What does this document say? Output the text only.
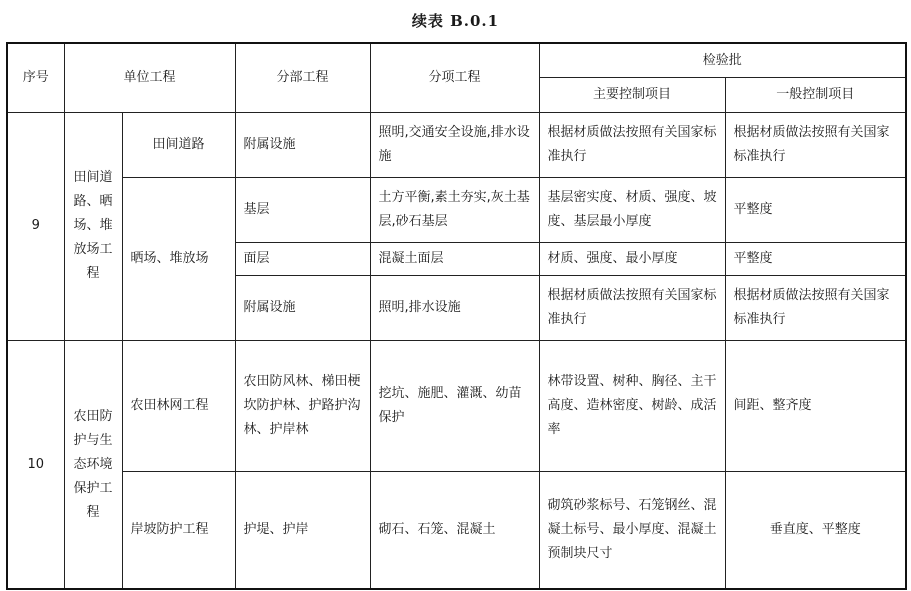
续表 B.0.1
序号	单位工程		分部工程	分项工程	检验批	
					主要控制项目	一般控制项目
9	田间道路、晒场、堆放场工程	田间道路	附属设施	照明,交通安全设施,排水设施	根据材质做法按照有关国家标准执行	根据材质做法按照有关国家标准执行
		晒场、堆放场	基层	土方平衡,素土夯实,灰土基层,砂石基层	基层密实度、材质、强度、坡度、基层最小厚度	平整度
			面层	混凝土面层	材质、强度、最小厚度	平整度
			附属设施	照明,排水设施	根据材质做法按照有关国家标准执行	根据材质做法按照有关国家标准执行
10	农田防护与生态环境保护工程	农田林网工程	农田防风林、梯田梗坎防护林、护路护沟林、护岸林	挖坑、施肥、灌溉、幼苗保护	林带设置、树种、胸径、主干高度、造林密度、树龄、成活率	间距、整齐度
		岸坡防护工程	护堤、护岸	砌石、石笼、混凝土	砌筑砂浆标号、石笼钢丝、混凝土标号、最小厚度、混凝土预制块尺寸	垂直度、平整度
